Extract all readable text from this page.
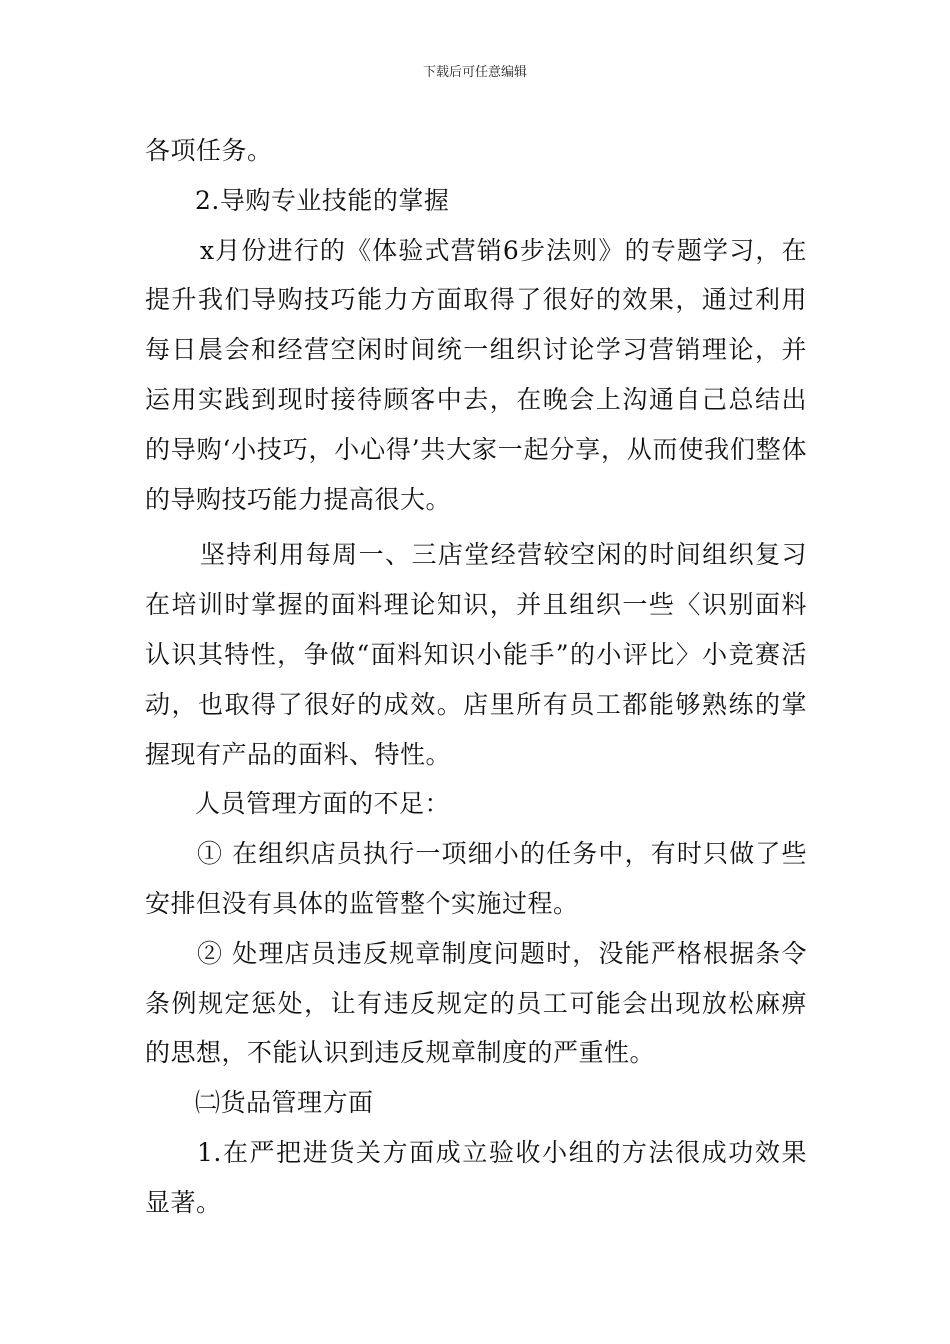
下载后可任意编辑

各项任务。

2.导购专业技能的掌握

x月份进行的《体验式营销6步法则》的专题学习，在提升我们导购技巧能力方面取得了很好的效果，通过利用每日晨会和经营空闲时间统一组织讨论学习营销理论，并运用实践到现时接待顾客中去，在晚会上沟通自己总结出的导购‘小技巧，小心得’共大家一起分享，从而使我们整体的导购技巧能力提高很大。

坚持利用每周一、三店堂经营较空闲的时间组织复习在培训时掌握的面料理论知识，并且组织一些〈识别面料认识其特性，争做“面料知识小能手”的小评比〉小竞赛活动，也取得了很好的成效。店里所有员工都能够熟练的掌握现有产品的面料、特性。

人员管理方面的不足：

① 在组织店员执行一项细小的任务中，有时只做了些安排但没有具体的监管整个实施过程。

② 处理店员违反规章制度问题时，没能严格根据条令条例规定惩处，让有违反规定的员工可能会出现放松麻痹的思想，不能认识到违反规章制度的严重性。

㈡货品管理方面

1.在严把进货关方面成立验收小组的方法很成功效果显著。
